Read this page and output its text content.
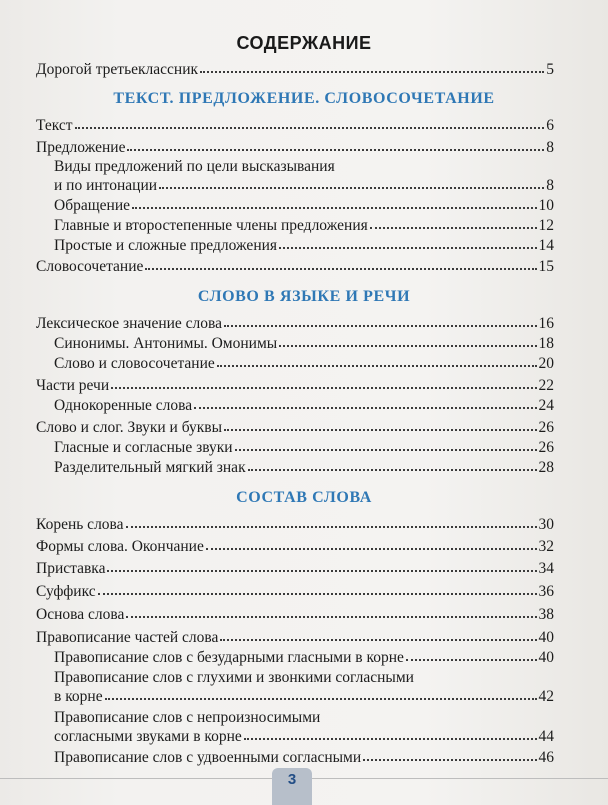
СОДЕРЖАНИЕ
Дорогой третьеклассник	5
ТЕКСТ. ПРЕДЛОЖЕНИЕ. СЛОВОСОЧЕТАНИЕ
Текст	6
Предложение	8
Виды предложений по цели высказывания
и по интонации	8
Обращение	10
Главные и второстепенные члены предложения	12
Простые и сложные предложения	14
Словосочетание	15
СЛОВО В ЯЗЫКЕ И РЕЧИ
Лексическое значение слова	16
Синонимы. Антонимы. Омонимы	18
Слово и словосочетание	20
Части речи	22
Однокоренные слова	24
Слово и слог. Звуки и буквы	26
Гласные и согласные звуки	26
Разделительный мягкий знак	28
СОСТАВ СЛОВА
Корень слова	30
Формы слова. Окончание	32
Приставка	34
Суффикс	36
Основа слова	38
Правописание частей слова	40
Правописание слов с безударными гласными в корне	40
Правописание слов с глухими и звонкими согласными
в корне	42
Правописание слов с непроизносимыми
согласными звуками в корне	44
Правописание слов с удвоенными согласными	46
3
